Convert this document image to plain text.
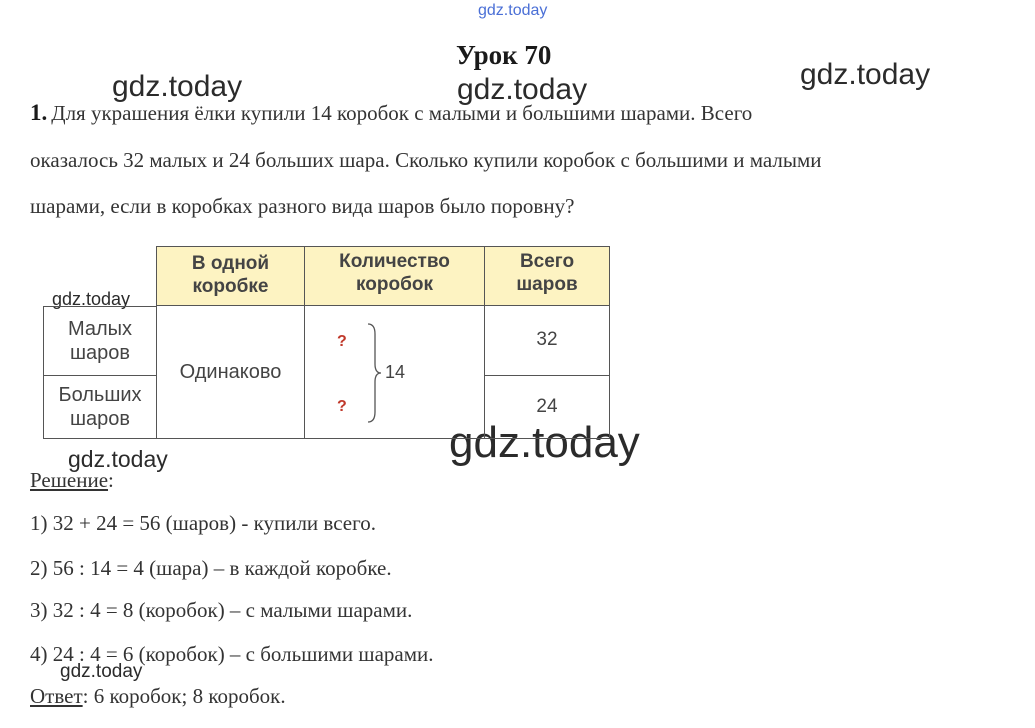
gdz.today
gdz.today	gdz.today	gdz.today
gdz.today
gdz.today
gdz.today
gdz.today
Урок 70
1. Для украшения ёлки купили 14 коробок с малыми и большими шарами. Всего
оказалось 32 малых и 24 больших шара. Сколько купили коробок с большими и малыми
шарами, если в коробках разного вида шаров было поровну?
В одной
коробке
Количество
коробок
Всего
шаров
Малых
шаров
Больших
шаров
Одинаково
?
?
14
32
24
Решение:
1) 32 + 24 = 56 (шаров) - купили всего.
2) 56 : 14 = 4 (шара) – в каждой коробке.
3) 32 : 4 = 8 (коробок) – с малыми шарами.
4) 24 : 4 = 6 (коробок) – с большими шарами.
Ответ: 6 коробок; 8 коробок.
